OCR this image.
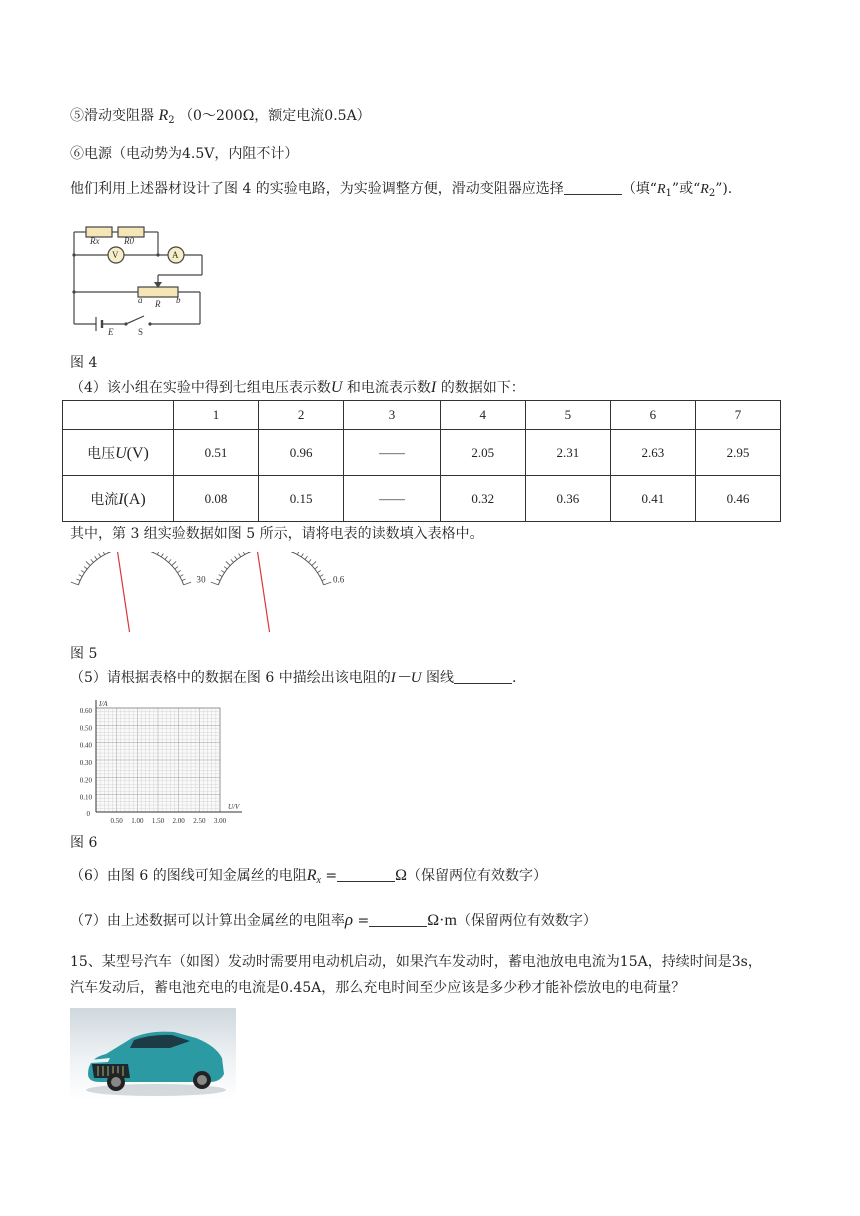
⑤滑动变阻器 $R_2$ （0～200Ω，额定电流0.5A）
⑥电源（电动势为4.5V，内阻不计）
他们利用上述器材设计了图 4 的实验电路，为实验调整方便，滑动变阻器应选择	（填“$R_1$”或“$R_2$”).
Rx	R0
V	A
a R b
E	S
图 4
（4）该小组在实验中得到七组电压表示数U 和电流表示数I 的数据如下：
	1	2	3	4	5	6	7
电压U(V)	0.51	0.96	——	2.05	2.31	2.63	2.95
电流I(A)	0.08	0.15	——	0.32	0.36	0.41	0.46
其中，第 3 组实验数据如图 5 所示，请将电表的读数填入表格中。
3 0	0.6
图 5
（5）请根据表格中的数据在图 6 中描绘出该电阻的I－U 图线	.
0.60
0.50
0.40
0.30
0.20
0.10
0.50 1.00 1.50 2.00 2.50 3.00
0
I/A
U/V
图 6
（6）由图 6 的图线可知金属丝的电阻$R_x$ =	Ω（保留两位有效数字）
（7）由上述数据可以计算出金属丝的电阻率ρ =	Ω·m（保留两位有效数字）
15、某型号汽车（如图）发动时需要用电动机启动，如果汽车发动时，蓄电池放电电流为15A，持续时间是3s，
汽车发动后，蓄电池充电的电流是0.45A，那么充电时间至少应该是多少秒才能补偿放电的电荷量？
